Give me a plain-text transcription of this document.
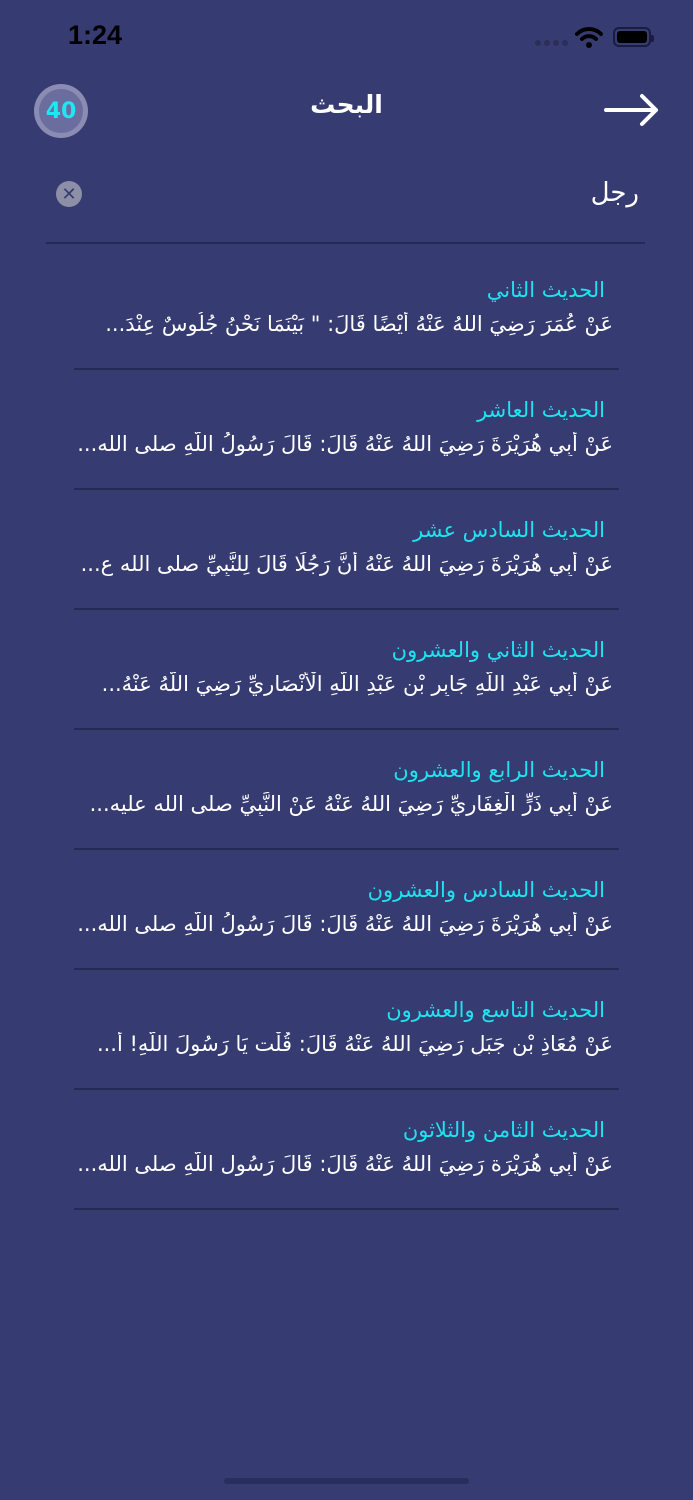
1:24
40	البحث
رجل
✕
الحديث الثاني
عَنْ عُمَرَ رَضِيَ اللهُ عَنْهُ أَيْضًا قَالَ: " بَيْنَمَا نَحْنُ جُلُوسٌ عِنْدَ...
الحديث العاشر
عَنْ أَبِي هُرَيْرَةَ رَضِيَ اللهُ عَنْهُ قَالَ: قَالَ رَسُولُ اللَّهِ صلى الله...
الحديث السادس عشر
عَنْ أَبِي هُرَيْرَةَ رَضِيَ اللهُ عَنْهُ أَنَّ رَجُلًا قَالَ لِلنَّبِيِّ صلى الله ع...
الحديث الثاني والعشرون
عَنْ أَبِي عَبْدِ اللَّهِ جَابِرِ بْنِ عَبْدِ اللَّهِ الْأَنْصَارِيِّ رَضِيَ اللَّهُ عَنْهُ...
الحديث الرابع والعشرون
عَنْ أَبِي ذَرٍّ الْغِفَارِيِّ رَضِيَ اللهُ عَنْهُ عَنْ النَّبِيِّ صلى الله عليه...
الحديث السادس والعشرون
عَنْ أَبِي هُرَيْرَةَ رَضِيَ اللهُ عَنْهُ قَالَ: قَالَ رَسُولُ اللَّهِ صلى الله...
الحديث التاسع والعشرون
عَنْ مُعَاذِ بْنِ جَبَلٍ رَضِيَ اللهُ عَنْهُ قَالَ: قُلْت يَا رَسُولَ اللَّهِ! أَ...
الحديث الثامن والثلاثون
عَنْ أَبِي هُرَيْرَة رَضِيَ اللهُ عَنْهُ قَالَ: قَالَ رَسُول اللَّهِ صلى الله...
